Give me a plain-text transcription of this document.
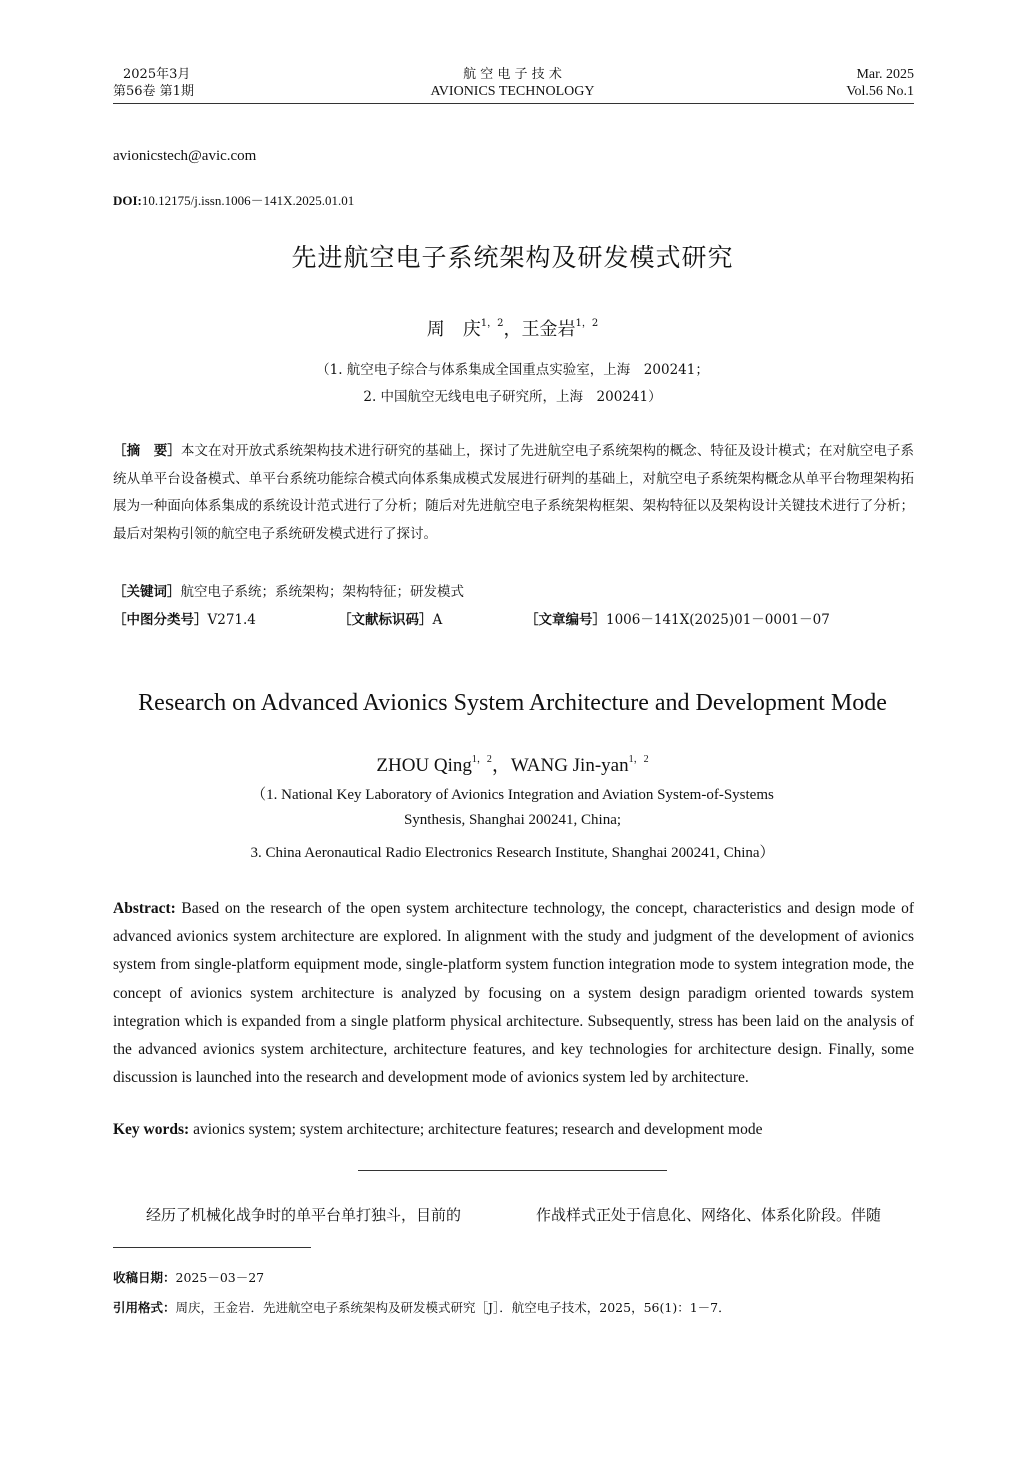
2025年3月
第56卷 第1期
航 空 电 子 技 术
AVIONICS TECHNOLOGY
Mar. 2025
Vol.56 No.1
avionicstech@avic.com
DOI:10.12175/j.issn.1006－141X.2025.01.01
先进航空电子系统架构及研发模式研究
周　庆$^{1,2}$，王金岩$^{1,2}$
（1. 航空电子综合与体系集成全国重点实验室，上海　200241；
2. 中国航空无线电电子研究所，上海　200241）
［摘　要］本文在对开放式系统架构技术进行研究的基础上，探讨了先进航空电子系统架构的概念、特征及设计模式；在对航空电子系统从单平台设备模式、单平台系统功能综合模式向体系集成模式发展进行研判的基础上，对航空电子系统架构概念从单平台物理架构拓展为一种面向体系集成的系统设计范式进行了分析；随后对先进航空电子系统架构框架、架构特征以及架构设计关键技术进行了分析；最后对架构引领的航空电子系统研发模式进行了探讨。
［关键词］航空电子系统；系统架构；架构特征；研发模式
［中图分类号］V271.4	［文献标识码］A	［文章编号］1006－141X(2025)01－0001－07
Research on Advanced Avionics System Architecture and Development Mode
ZHOU Qing$^{1,2}$，WANG Jin-yan$^{1,2}$
（1. National Key Laboratory of Avionics Integration and Aviation System-of-Systems
Synthesis, Shanghai 200241, China;
3. China Aeronautical Radio Electronics Research Institute, Shanghai 200241, China）
Abstract: Based on the research of the open system architecture technology, the concept, characteristics and design mode of advanced avionics system architecture are explored. In alignment with the study and judgment of the development of avionics system from single-platform equipment mode, single-platform system function integration mode to system integration mode, the concept of avionics system architecture is analyzed by focusing on a system design paradigm oriented towards system integration which is expanded from a single platform physical architecture. Subsequently, stress has been laid on the analysis of the advanced avionics system architecture, architecture features, and key technologies for architecture design. Finally, some discussion is launched into the research and development mode of avionics system led by architecture.
Key words: avionics system; system architecture; architecture features; research and development mode
经历了机械化战争时的单平台单打独斗，目前的	作战样式正处于信息化、网络化、体系化阶段。伴随
收稿日期：2025－03－27
引用格式：周庆，王金岩．先进航空电子系统架构及研发模式研究［J］．航空电子技术，2025，56(1)：1－7．
